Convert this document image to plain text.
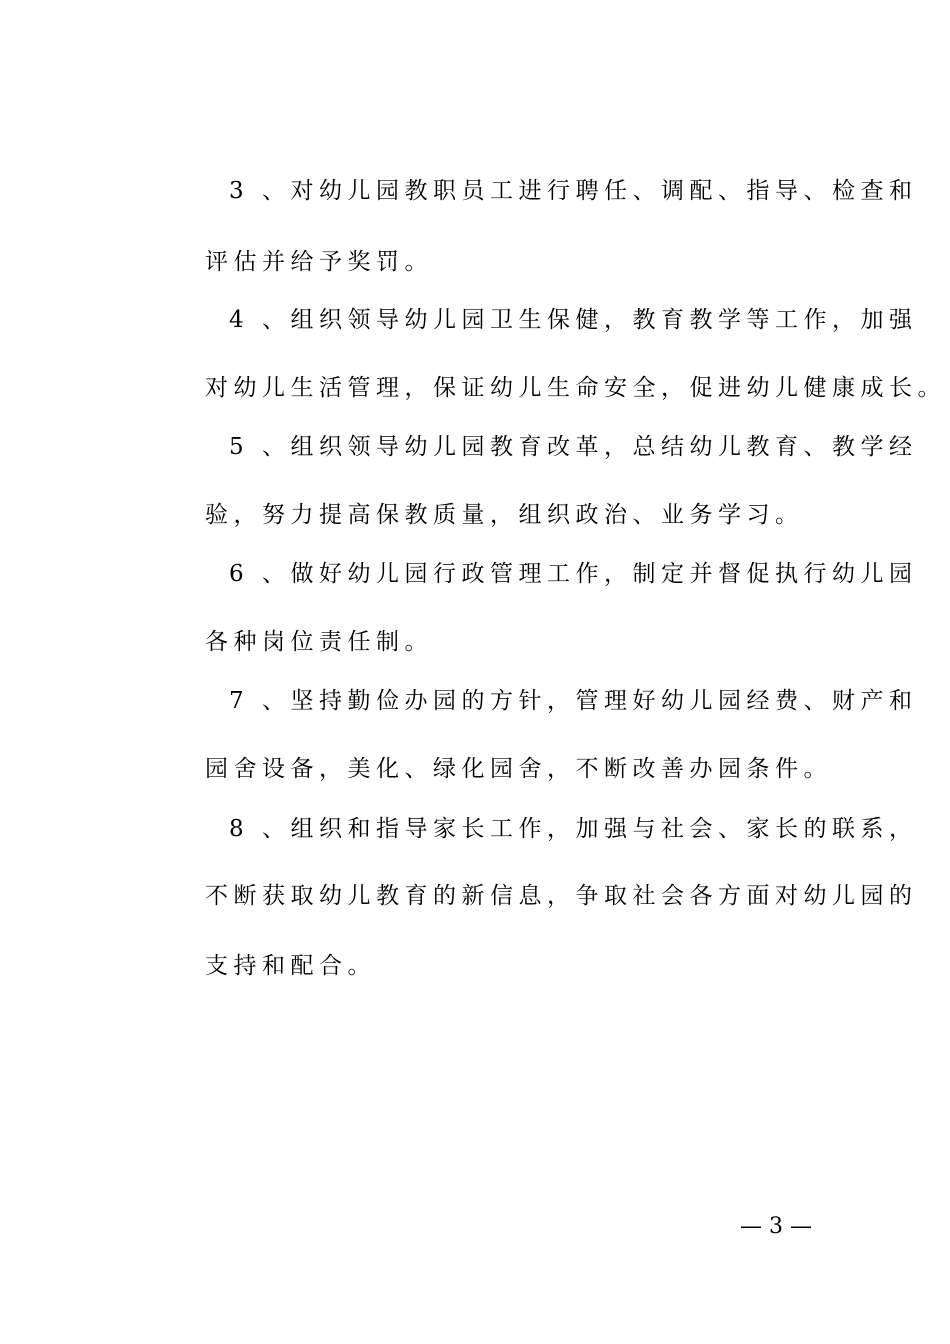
3 、对幼儿园教职员工进行聘任、调配、指导、检查和
评估并给予奖罚。
4 、组织领导幼儿园卫生保健，教育教学等工作，加强
对幼儿生活管理，保证幼儿生命安全，促进幼儿健康成长。
5 、组织领导幼儿园教育改革，总结幼儿教育、教学经
验，努力提高保教质量，组织政治、业务学习。
6 、做好幼儿园行政管理工作，制定并督促执行幼儿园
各种岗位责任制。
7 、坚持勤俭办园的方针，管理好幼儿园经费、财产和
园舍设备，美化、绿化园舍，不断改善办园条件。
8 、组织和指导家长工作，加强与社会、家长的联系，
不断获取幼儿教育的新信息，争取社会各方面对幼儿园的
支持和配合。
— 3 —
